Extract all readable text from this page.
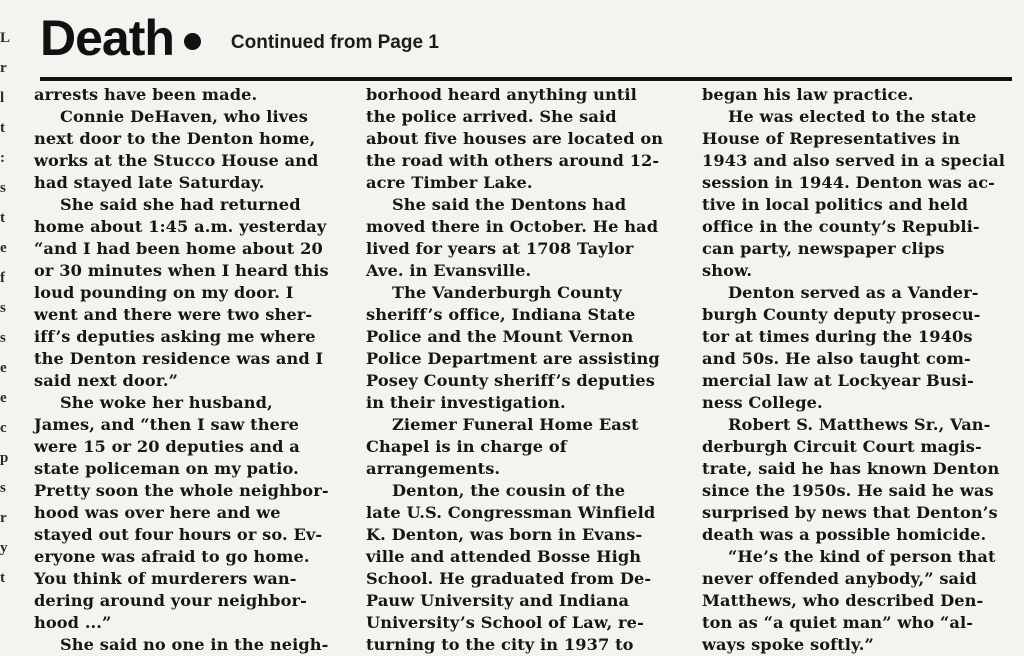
L
r
l
t
:
s
t
e
f
s
s
e
e
c
p
s
r
y
t
Death	Continued from Page 1
arrests have been made.
Connie DeHaven, who lives
next door to the Denton home,
works at the Stucco House and
had stayed late Saturday.
She said she had returned
home about 1:45 a.m. yesterday
“and I had been home about 20
or 30 minutes when I heard this
loud pounding on my door. I
went and there were two sher-
iff’s deputies asking me where
the Denton residence was and I
said next door.”
She woke her husband,
James, and “then I saw there
were 15 or 20 deputies and a
state policeman on my patio.
Pretty soon the whole neighbor-
hood was over here and we
stayed out four hours or so. Ev-
eryone was afraid to go home.
You think of murderers wan-
dering around your neighbor-
hood ...”
She said no one in the neigh-
borhood heard anything until
the police arrived. She said
about five houses are located on
the road with others around 12-
acre Timber Lake.
She said the Dentons had
moved there in October. He had
lived for years at 1708 Taylor
Ave. in Evansville.
The Vanderburgh County
sheriff’s office, Indiana State
Police and the Mount Vernon
Police Department are assisting
Posey County sheriff’s deputies
in their investigation.
Ziemer Funeral Home East
Chapel is in charge of
arrangements.
Denton, the cousin of the
late U.S. Congressman Winfield
K. Denton, was born in Evans-
ville and attended Bosse High
School. He graduated from De-
Pauw University and Indiana
University’s School of Law, re-
turning to the city in 1937 to
began his law practice.
He was elected to the state
House of Representatives in
1943 and also served in a special
session in 1944. Denton was ac-
tive in local politics and held
office in the county’s Republi-
can party, newspaper clips
show.
Denton served as a Vander-
burgh County deputy prosecu-
tor at times during the 1940s
and 50s. He also taught com-
mercial law at Lockyear Busi-
ness College.
Robert S. Matthews Sr., Van-
derburgh Circuit Court magis-
trate, said he has known Denton
since the 1950s. He said he was
surprised by news that Denton’s
death was a possible homicide.
“He’s the kind of person that
never offended anybody,” said
Matthews, who described Den-
ton as “a quiet man” who “al-
ways spoke softly.”
